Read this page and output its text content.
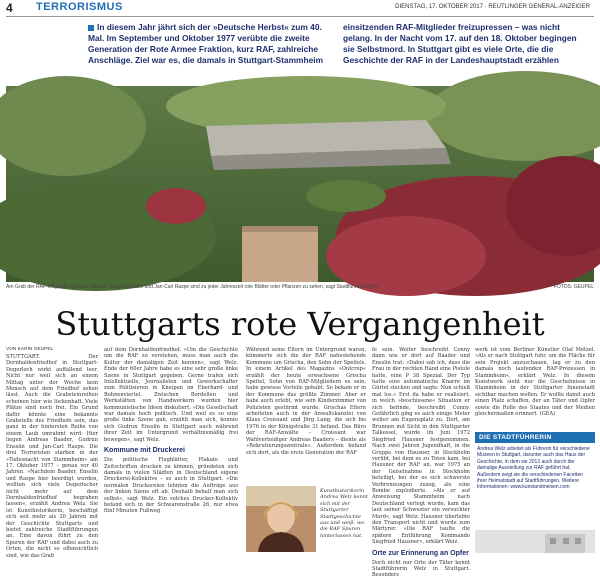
4 TERRORISMUS	DIENSTAG, 17. OKTOBER 2017 · REUTLINGER GENERAL-ANZEIGER
In diesem Jahr jährt sich der »Deutsche Herbst« zum 40. Mal. Im September und Oktober 1977 verübte die zweite Generation der Rote Armee Fraktion, kurz RAF, zahlreiche Anschläge. Ziel war es, die damals in Stuttgart-Stammheim einsitzenden RAF-Mitglieder freizupressen – was nicht gelang. In der Nacht vom 17. auf den 18. Oktober begingen sie Selbstmord. In Stuttgart gibt es viele Orte, die die Geschichte der RAF in der Landeshauptstadt erzählen
Am Grab der RAF-Mitglieder Andreas Baader, Gudrun Ensslin und Jan-Carl Raspe sind zu jeder Jahreszeit rote Blätter oder Pflanzen zu sehen, sagt Stadtführerin Welz.	FOTOS: GEUPEL
Stuttgarts rote Vergangenheit
VON KARIN GEUPEL
STUTTGART. Der Dornhaldenfriedhof in Stuttgart-Degerloch wirkt auffallend leer. Nicht nur weil sich an einem Mittag unter der Woche kein Mensch auf dem Friedhof sehen lässt. Auch die Grabsteinreihen scheinen hier wie lückenhaft. Viele Plätze sind noch frei. Ein Grund dafür könnte eine bekannte Grabstelle des Friedhofs sein, das ganz in der hintersten Reihe von einem Laub umrahmt wird: Hier liegen Andreas Baader, Gudrun Ensslin und Jan-Carl Raspe. Die drei Terroristen starben in der »Todesnacht von Stammheim« am 17. Oktober 1977 – genau vor 40 Jahren. »Nachdem Baader, Ensslin und Raspe hier beerdigt wurden, wollten sich viele Degerlocher nicht mehr auf dem Dornhaldenfriedhof begraben lassen«, erzählt Andrea Welz. Sie ist Kunsthistorikerin, beschäftigt sich seit mehr als 20 Jahren mit der Geschichte Stuttgarts und bietet zahlreiche Stadtführungen an. Eine davon führt zu den Spuren der RAF und dabei auch zu Orten, die nicht so offensichtlich sind, wie das Grab
auf dem Dornhaldenfriedhof. »Um die Geschichte um die RAF zu verstehen, muss man auch die Kultur der damaligen Zeit kennen«, sagt Welz. Ende der 60er Jahre habe es eine sehr große linke Szene in Stuttgart gegeben. Gerne trafen sich Intellektuelle, Journalisten und Gewerkschafter zum Politisieren in Kneipen im Eberhard- und Bohnenviertel. Zwischen Bordellen und Werkstätten von Handwerkern wurden hier kommunistische Ideen diskutiert. »Die Gesellschaft war damals hoch politisch. Und weil es so eine große linke Szene gab, erzählt man sich, konnte sich Gudrun Ensslin in Stuttgart auch während ihrer Zeit im Untergrund verhältnismäßig frei bewegen«, sagt Welz.
Kommune mit Druckerei
Die politische Flugblätter, Plakate und Zeitschriften drucken zu können, gründeten sich damals in vielen Städten in Deutschland eigene Druckerei-Kollektive – so auch in Stuttgart. »Die normalen Druckereien lehnten die Aufträge aus der linken Szene oft ab. Deshalb behalf man sich selbst«, sagt Welz. Ein solches Drucker-Kollektiv befand sich in der Schwarenstraße 26, nur etwa fünf Minuten Fußweg
Während seine Eltern im Untergrund waren, kümmerte sich die der RAF nahestehende Kommune um Grischa, den Sohn der Speitels. In einem Artikel des Magazins »Outcrop« erzählt der heute erwachsene Grischa Speitel, Sohn von RAF-Mitgliedern es sein, habe gewisse Vorteile gehabt: So bekam er in der Kommune das größte Zimmer. Aber er habe auch erlebt, wie sein Kinderzimmer von Polizisten gestürmt wurde. Grischas Eltern arbeiteten auch in der Anwaltskanzlei von Klaus Croissant und Jörg Lang, die sich bis 1976 in der Königstraße 31 befand. Das Büro der RAF-Anwälte – Croissant war Wahlverteidiger Andreas Baaders – diente als »Rekrutierungszentrale«. Außerdem befand sich dort, als die erste Generation der RAF
Kunsthistorikerin Andrea Welz kennt sich mit der Stuttgarter Stadtgeschichte aus und weiß, wo die RAF Spuren hinterlassen hat.
fe sein. Weiter beschreibt Conny dann wie er dort auf Baader und Ensslin trat: »Dabei sah ich, dass die Frau in der rechten Hand eine Pistole hatte, eine P 38 Spezial. Der Typ hatte eine automatische Knarre im Gürtel stecken und sagte: Nun schieß mal los.« Erst da habe er realisiert, in welch »beschissene« Situation er sich befinde, beschreibt Conny. Gefährlich ging es auch einige Meter weiter am Eugensplatz zu. Dort, am Brunnen mit Sicht in den Stuttgarter Talkessel, wurde im Juni 1972 Siegfried Hausner festgenommen. Nach zwei Jahren Jugendhaft, in die Gruppe von Hausner, in Stockholm verübt, bei dem es zu Toten kam, bei Hausner der RAF an, war 1975 an der Geiselnahme in Stockholm beteiligt, bei der es sich schwerste Verbrennungen zuzog, als eine Bombe explodierte. »Als er auf Anweisung Stammheim nach Deutschland verlegt wurde, kam das laut seiner Schwester ein versuchter Mord«, sagt Welz. Hausner überlebte den Transport nicht und wurde zum Märtyrer. »Die RAF taufte die spätere Entführung Kommando Siegfried Hausner«, erklärt Welz.
Orte zur Erinnerung an Opfer
Doch nicht nur Orte der Täter kennt Stadtführerin Welz in Stuttgart. Besonders
werk ist vom Berliner Künstler Olaf Metzel. »Als er nach Stuttgart fuhr, um die Fläche für sein Projekt anzuschauen, lag er zu den damals noch laufenden RAF-Prozessen in Stammheim«, erklärt Welz. In diesem Kunstwerk sieht nur die Geschehnisse in Stammheim in der Stuttgarter Innenstadt sichtbar machen wollen. Er wollte damit auch einen Platz schaffen, der an Täter und Opfer sowie die Rolle des Staates und der Medien gleichermaßen erinnert. (GEA)
DIE STADTFÜHRERIN
Andrea Welz arbeitet als Führerin für verschiedene Museen in Stuttgart, darunter auch das Haus der Geschichte, in dem sie 2013 auch durch die damalige Ausstellung zur RAF geführt hat. Außerdem zeigt sie die verschiedenen Facetten ihrer Heimatstadt auf Stadtführungen. Weitere Informationen: www.kunstandmeisen.com
